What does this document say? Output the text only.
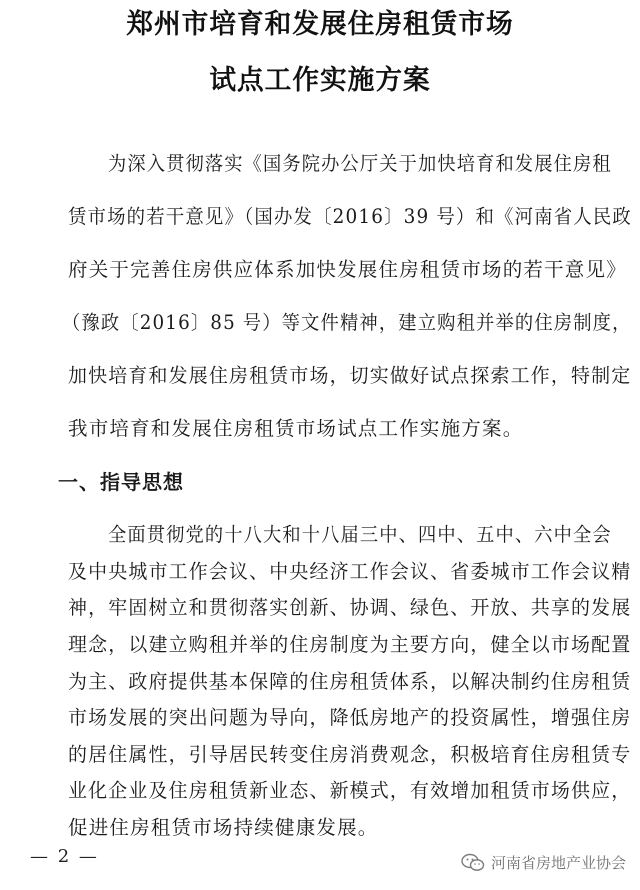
郑州市培育和发展住房租赁市场
试点工作实施方案
为深入贯彻落实《国务院办公厅关于加快培育和发展住房租
赁市场的若干意见》（国办发〔2016〕39 号）和《河南省人民政
府关于完善住房供应体系加快发展住房租赁市场的若干意见》
（豫政〔2016〕85 号）等文件精神，建立购租并举的住房制度，
加快培育和发展住房租赁市场，切实做好试点探索工作，特制定
我市培育和发展住房租赁市场试点工作实施方案。
一、指导思想
全面贯彻党的十八大和十八届三中、四中、五中、六中全会
及中央城市工作会议、中央经济工作会议、省委城市工作会议精
神，牢固树立和贯彻落实创新、协调、绿色、开放、共享的发展
理念，以建立购租并举的住房制度为主要方向，健全以市场配置
为主、政府提供基本保障的住房租赁体系，以解决制约住房租赁
市场发展的突出问题为导向，降低房地产的投资属性，增强住房
的居住属性，引导居民转变住房消费观念，积极培育住房租赁专
业化企业及住房租赁新业态、新模式，有效增加租赁市场供应，
促进住房租赁市场持续健康发展。
— 2 —	河南省房地产业协会
